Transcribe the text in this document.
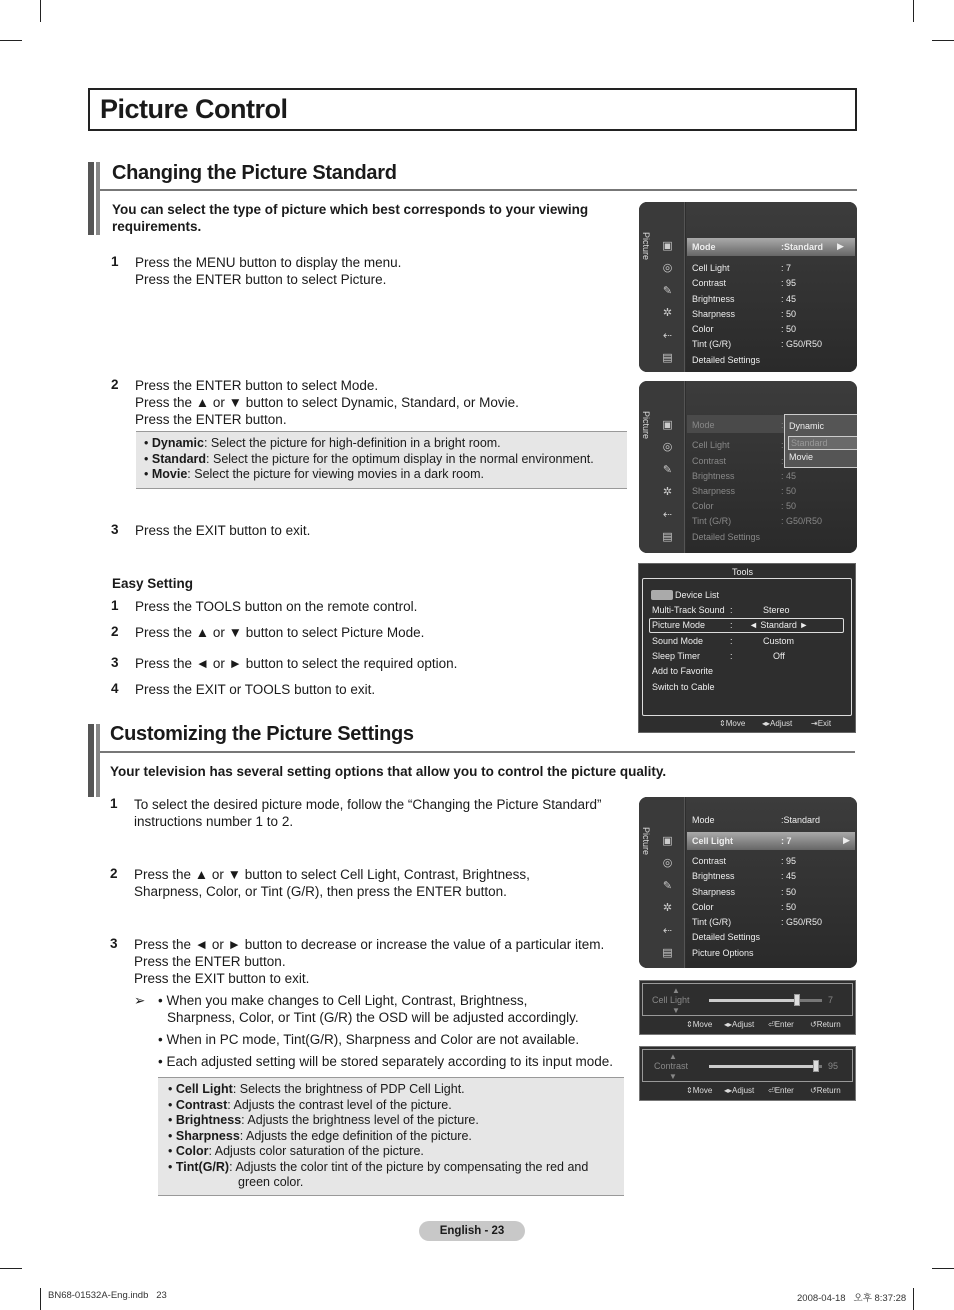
Picture Control
Changing the Picture Standard
You can select the type of picture which best corresponds to your viewing requirements.
1 Press the MENU button to display the menu.
Press the ENTER button to select Picture.
2 Press the ENTER button to select Mode.
Press the ▲ or ▼ button to select Dynamic, Standard, or Movie.
Press the ENTER button.
• Dynamic: Select the picture for high-definition in a bright room.
• Standard: Select the picture for the optimum display in the normal environment.
• Movie: Select the picture for viewing movies in a dark room.
3 Press the EXIT button to exit.
Easy Setting
1 Press the TOOLS button on the remote control.
2 Press the ▲ or ▼ button to select Picture Mode.
3 Press the ◄ or ► button to select the required option.
4 Press the EXIT or TOOLS button to exit.
Picture ▣
◎
✎
✲
⇠
▤
Mode	:Standard ▶
Cell Light	: 7
Contrast	: 95
Brightness	: 45
Sharpness	: 50
Color	: 50
Tint (G/R)	: G50/R50
Detailed Settings
Picture ▣
◎
✎
✲
⇠
▤
Mode	:
Cell Light	:
Contrast	:
Brightness	: 45
Sharpness	: 50
Color	: 50
Tint (G/R)	: G50/R50
Detailed Settings
Dynamic
Standard
Movie
Tools
Device List
Multi-Track Sound :	Stereo
Picture Mode	: ◄ Standard ►
Sound Mode	:	Custom
Sleep Timer	:	Off
Add to Favorite
Switch to Cable
⇕Move ◂▸Adjust ⇥Exit
Customizing the Picture Settings
Your television has several setting options that allow you to control the picture quality.
1 To select the desired picture mode, follow the “Changing the Picture Standard”
instructions number 1 to 2.
2 Press the ▲ or ▼ button to select Cell Light, Contrast, Brightness,
Sharpness, Color, or Tint (G/R), then press the ENTER button.
3 Press the ◄ or ► button to decrease or increase the value of a particular item.
Press the ENTER button.
Press the EXIT button to exit.
➢ • When you make changes to Cell Light, Contrast, Brightness,
Sharpness, Color, or Tint (G/R) the OSD will be adjusted accordingly.
• When in PC mode, Tint(G/R), Sharpness and Color are not available.
• Each adjusted setting will be stored separately according to its input mode.
• Cell Light: Selects the brightness of PDP Cell Light.
• Contrast: Adjusts the contrast level of the picture.
• Brightness: Adjusts the brightness level of the picture.
• Sharpness: Adjusts the edge definition of the picture.
• Color: Adjusts color saturation of the picture.
• Tint(G/R): Adjusts the color tint of the picture by compensating the red and
green color.
Picture ▣
◎
✎
✲
⇠
▤
Mode	:Standard
Cell Light	: 7	▶
Contrast	: 95
Brightness	: 45
Sharpness	: 50
Color	: 50
Tint (G/R)	: G50/R50
Detailed Settings
Picture Options
▲
▼
Cell Light	7
⇕Move ◂▸Adjust ⏎Enter ↺Return
▲
▼
Contrast	95
⇕Move ◂▸Adjust ⏎Enter ↺Return
English - 23
BN68-01532A-Eng.indb   23	2008-04-18   오후 8:37:28
